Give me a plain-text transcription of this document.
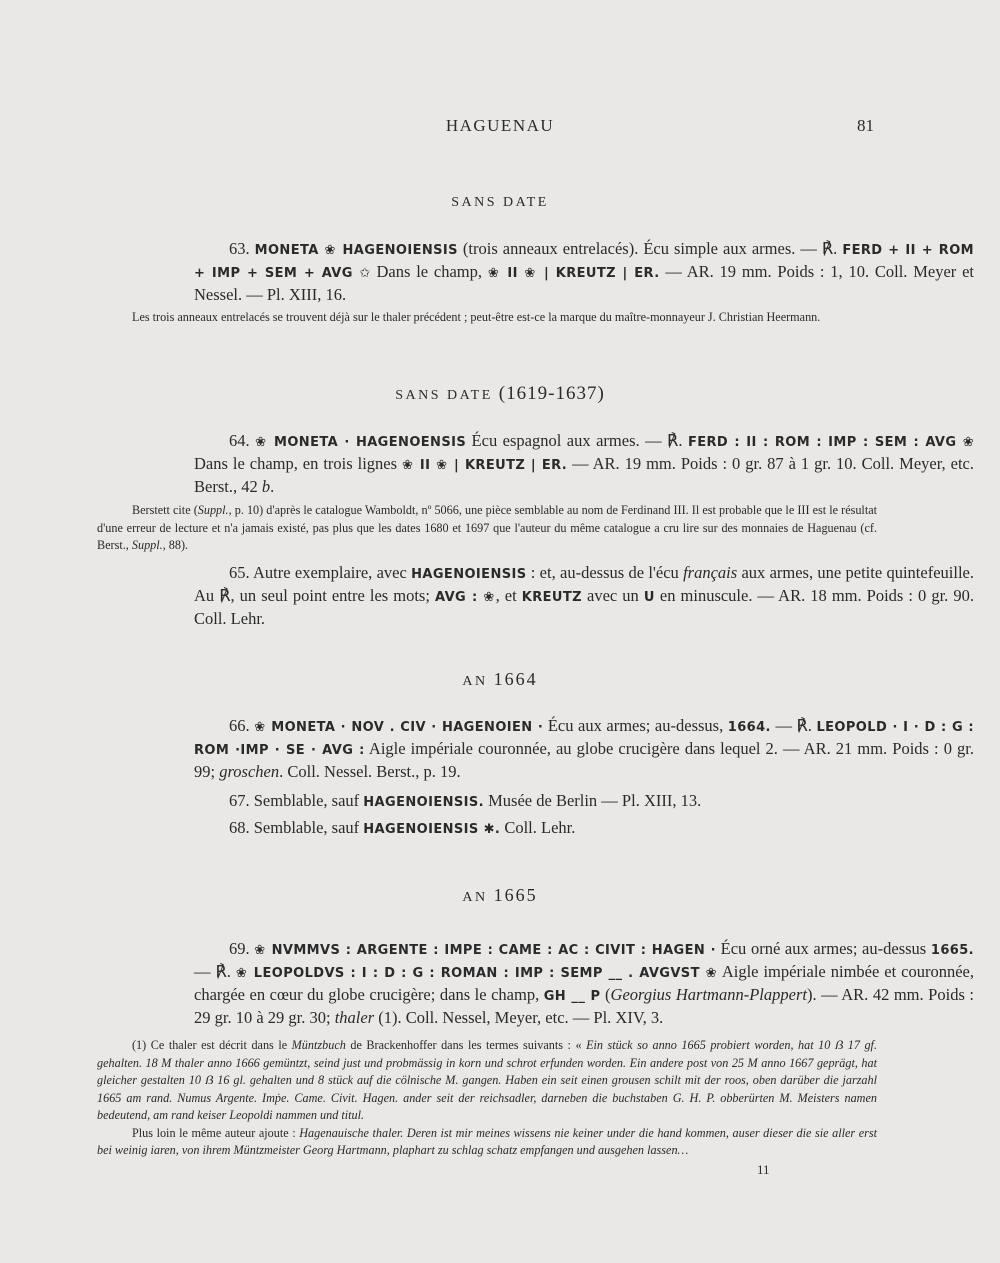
HAGUENAU	81
SANS DATE

63. MONETA ❀ HAGENOIENSIS (trois anneaux entrelacés). Écu simple aux armes. — ℟. FERD + II + ROM + IMP + SEM + AVG ✩ Dans le champ, ❀ II ❀ | KREUTZ | ER. — AR. 19 mm. Poids : 1, 10. Coll. Meyer et Nessel. — Pl. XIII, 16.

Les trois anneaux entrelacés se trouvent déjà sur le thaler précédent ; peut-être est-ce la marque du maître-monnayeur J. Christian Heermann.
SANS DATE (1619-1637)

64. ❀ MONETA · HAGENOENSIS Écu espagnol aux armes. — ℟. FERD : II : ROM : IMP : SEM : AVG ❀ Dans le champ, en trois lignes ❀ II ❀ | KREUTZ | ER. — AR. 19 mm. Poids : 0 gr. 87 à 1 gr. 10. Coll. Meyer, etc. Berst., 42 b.

Berstett cite (Suppl., p. 10) d'après le catalogue Wamboldt, nº 5066, une pièce semblable au nom de Ferdinand III. Il est probable que le III est le résultat d'une erreur de lecture et n'a jamais existé, pas plus que les dates 1680 et 1697 que l'auteur du même catalogue a cru lire sur des monnaies de Haguenau (cf. Berst., Suppl., 88).

65. Autre exemplaire, avec HAGENOIENSIS : et, au-dessus de l'écu français aux armes, une petite quintefeuille. Au ℟, un seul point entre les mots; AVG : ❀, et KREUTZ avec un U en minuscule. — AR. 18 mm. Poids : 0 gr. 90. Coll. Lehr.

AN 1664

66. ❀ MONETA · NOV . CIV · HAGENOIEN · Écu aux armes; au-dessus, 1664. — ℟. LEOPOLD · I · D : G : ROM ·IMP · SE · AVG : Aigle impériale couronnée, au globe crucigère dans lequel 2. — AR. 21 mm. Poids : 0 gr. 99; groschen. Coll. Nessel. Berst., p. 19.

67. Semblable, sauf HAGENOIENSIS. Musée de Berlin — Pl. XIII, 13.

68. Semblable, sauf HAGENOIENSIS ✱. Coll. Lehr.

AN 1665

69. ❀ NVMMVS : ARGENTE : IMPE : CAME : AC : CIVIT : HAGEN · Écu orné aux armes; au-dessus 1665. — ℟. ❀ LEOPOLDVS : I : D : G : ROMAN : IMP : SEMP __ . AVGVST ❀ Aigle impériale nimbée et couronnée, chargée en cœur du globe crucigère; dans le champ, GH __ P (Georgius Hartmann-Plappert). — AR. 42 mm. Poids : 29 gr. 10 à 29 gr. 30; thaler (1). Coll. Nessel, Meyer, etc. — Pl. XIV, 3.

(1) Ce thaler est décrit dans le Müntzbuch de Brackenhoffer dans les termes suivants : « Ein stück so anno 1665 probiert worden, hat 10 ẞ 17 gf. gehalten. 18 M thaler anno 1666 gemüntzt, seind just und probmässig in korn und schrot erfunden worden. Ein andere post von 25 M anno 1667 geprägt, hat gleicher gestalten 10 ẞ 16 gl. gehalten und 8 stück auf die cölnische M. gangen. Haben ein seit einen grousen schilt mit der roos, oben darüber die jarzahl 1665 am rand. Numus Argente. Imṗe. Came. Civit. Hagen. ander seit der reichsadler, darneben die buchstaben G. H. P. obberürten M. Meisters namen bedeutend, am rand keiser Leopoldi nammen und titul.

Plus loin le même auteur ajoute : Hagenauische thaler. Deren ist mir meines wissens nie keiner under die hand kommen, auser dieser die sie aller erst bei weinig iaren, von ihrem Müntzmeister Georg Hartmann, plaphart zu schlag schatz empfangen und ausgehen lassen…

11
